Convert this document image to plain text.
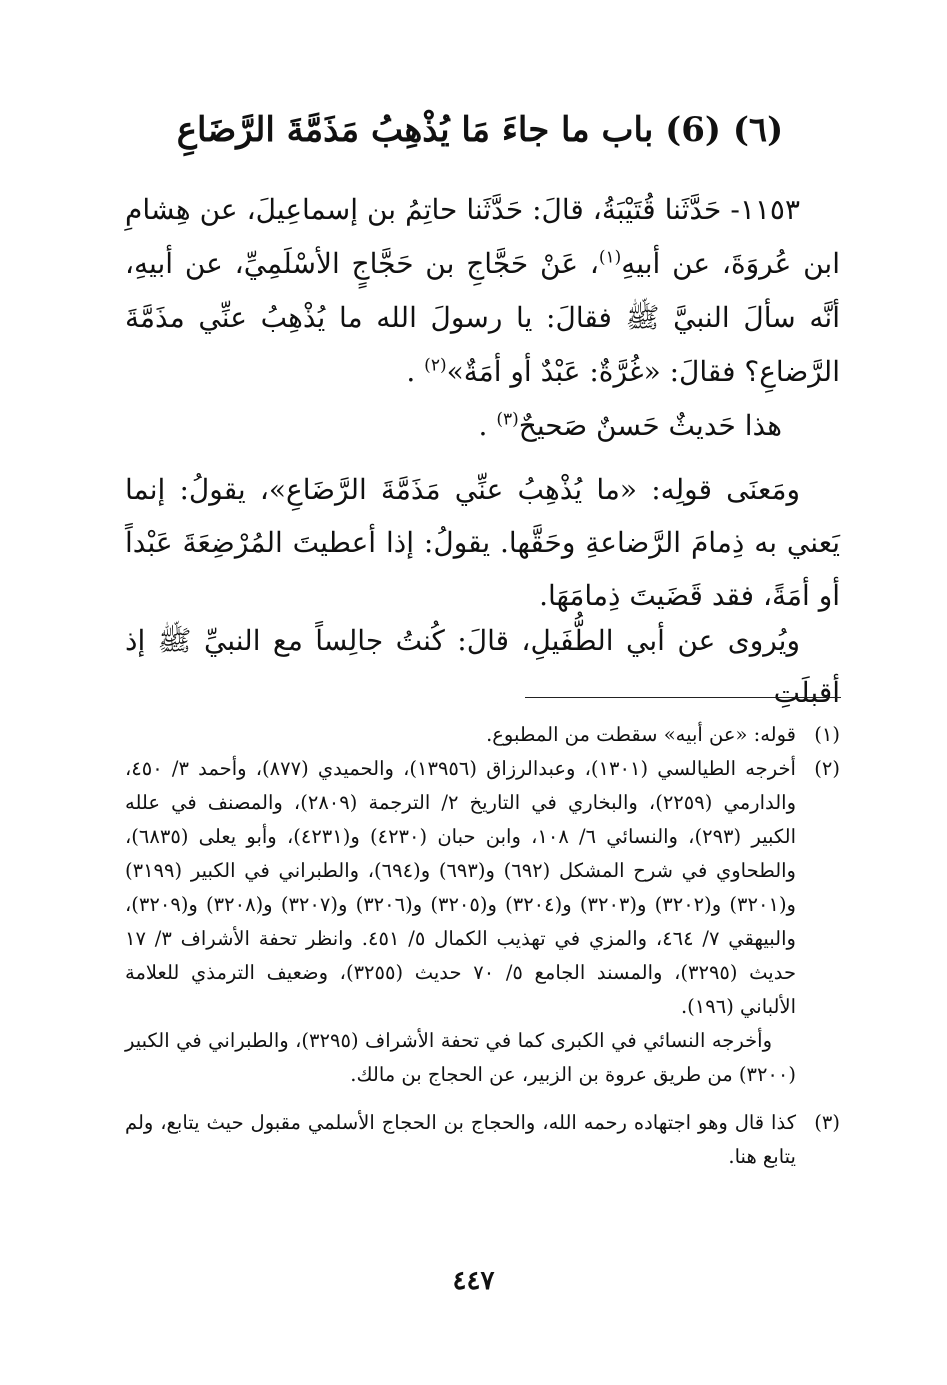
(٦) (6) باب ما جاءَ مَا يُذْهِبُ مَذَمَّةَ الرَّضَاعِ
١١٥٣- حَدَّثَنا قُتَيْبَةُ، قالَ: حَدَّثَنا حاتِمُ بن إسماعِيلَ، عن هِشامِ ابن عُروَةَ، عن أبيهِ$^{(١)}$، عَنْ حَجَّاجِ بن حَجَّاجٍ الأسْلَمِيِّ، عن أبيهِ، أنَّه سألَ النبيَّ ﷺ فقالَ: يا رسولَ الله ما يُذْهِبُ عنِّي مذَمَّةَ الرَّضاعِ؟ فقالَ: «غُرَّةٌ: عَبْدٌ أو أمَةٌ»$^{(٢)}$ .
هذا حَديثٌ حَسنٌ صَحيحٌ$^{(٣)}$ .
ومَعنَى قولِه: «ما يُذْهِبُ عنِّي مَذَمَّةَ الرَّضَاعِ»، يقولُ: إنما يَعني به ذِمامَ الرَّضاعةِ وحَقَّها. يقولُ: إذا أعطيتَ المُرْضِعَةَ عَبْداً أو أمَةً، فقد قَضَيتَ ذِمامَهَا.
ويُروى عن أبي الطُّفَيلِ، قالَ: كُنتُ جالِساً مع النبيِّ ﷺ إذ أقبلَتِ
(١)

قوله: «عن أبيه» سقطت من المطبوع.

(٢)

أخرجه الطيالسي (١٣٠١)، وعبدالرزاق (١٣٩٥٦)، والحميدي (٨٧٧)، وأحمد ٣/ ٤٥٠، والدارمي (٢٢٥٩)، والبخاري في التاريخ ٢/ الترجمة (٢٨٠٩)، والمصنف في علله الكبير (٢٩٣)، والنسائي ٦/ ١٠٨، وابن حبان (٤٢٣٠) و(٤٢٣١)، وأبو يعلى (٦٨٣٥)، والطحاوي في شرح المشكل (٦٩٢) و(٦٩٣) و(٦٩٤)، والطبراني في الكبير (٣١٩٩) و(٣٢٠١) و(٣٢٠٢) و(٣٢٠٣) و(٣٢٠٤) و(٣٢٠٥) و(٣٢٠٦) و(٣٢٠٧) و(٣٢٠٨) و(٣٢٠٩)، والبيهقي ٧/ ٤٦٤، والمزي في تهذيب الكمال ٥/ ٤٥١. وانظر تحفة الأشراف ٣/ ١٧ حديث (٣٢٩٥)، والمسند الجامع ٥/ ٧٠ حديث (٣٢٥٥)، وضعيف الترمذي للعلامة الألباني (١٩٦).

وأخرجه النسائي في الكبرى كما في تحفة الأشراف (٣٢٩٥)، والطبراني في الكبير (٣٢٠٠) من طريق عروة بن الزبير، عن الحجاج بن مالك.

(٣)

كذا قال وهو اجتهاده رحمه الله، والحجاج بن الحجاج الأسلمي مقبول حيث يتابع، ولم يتابع هنا.

٤٤٧
